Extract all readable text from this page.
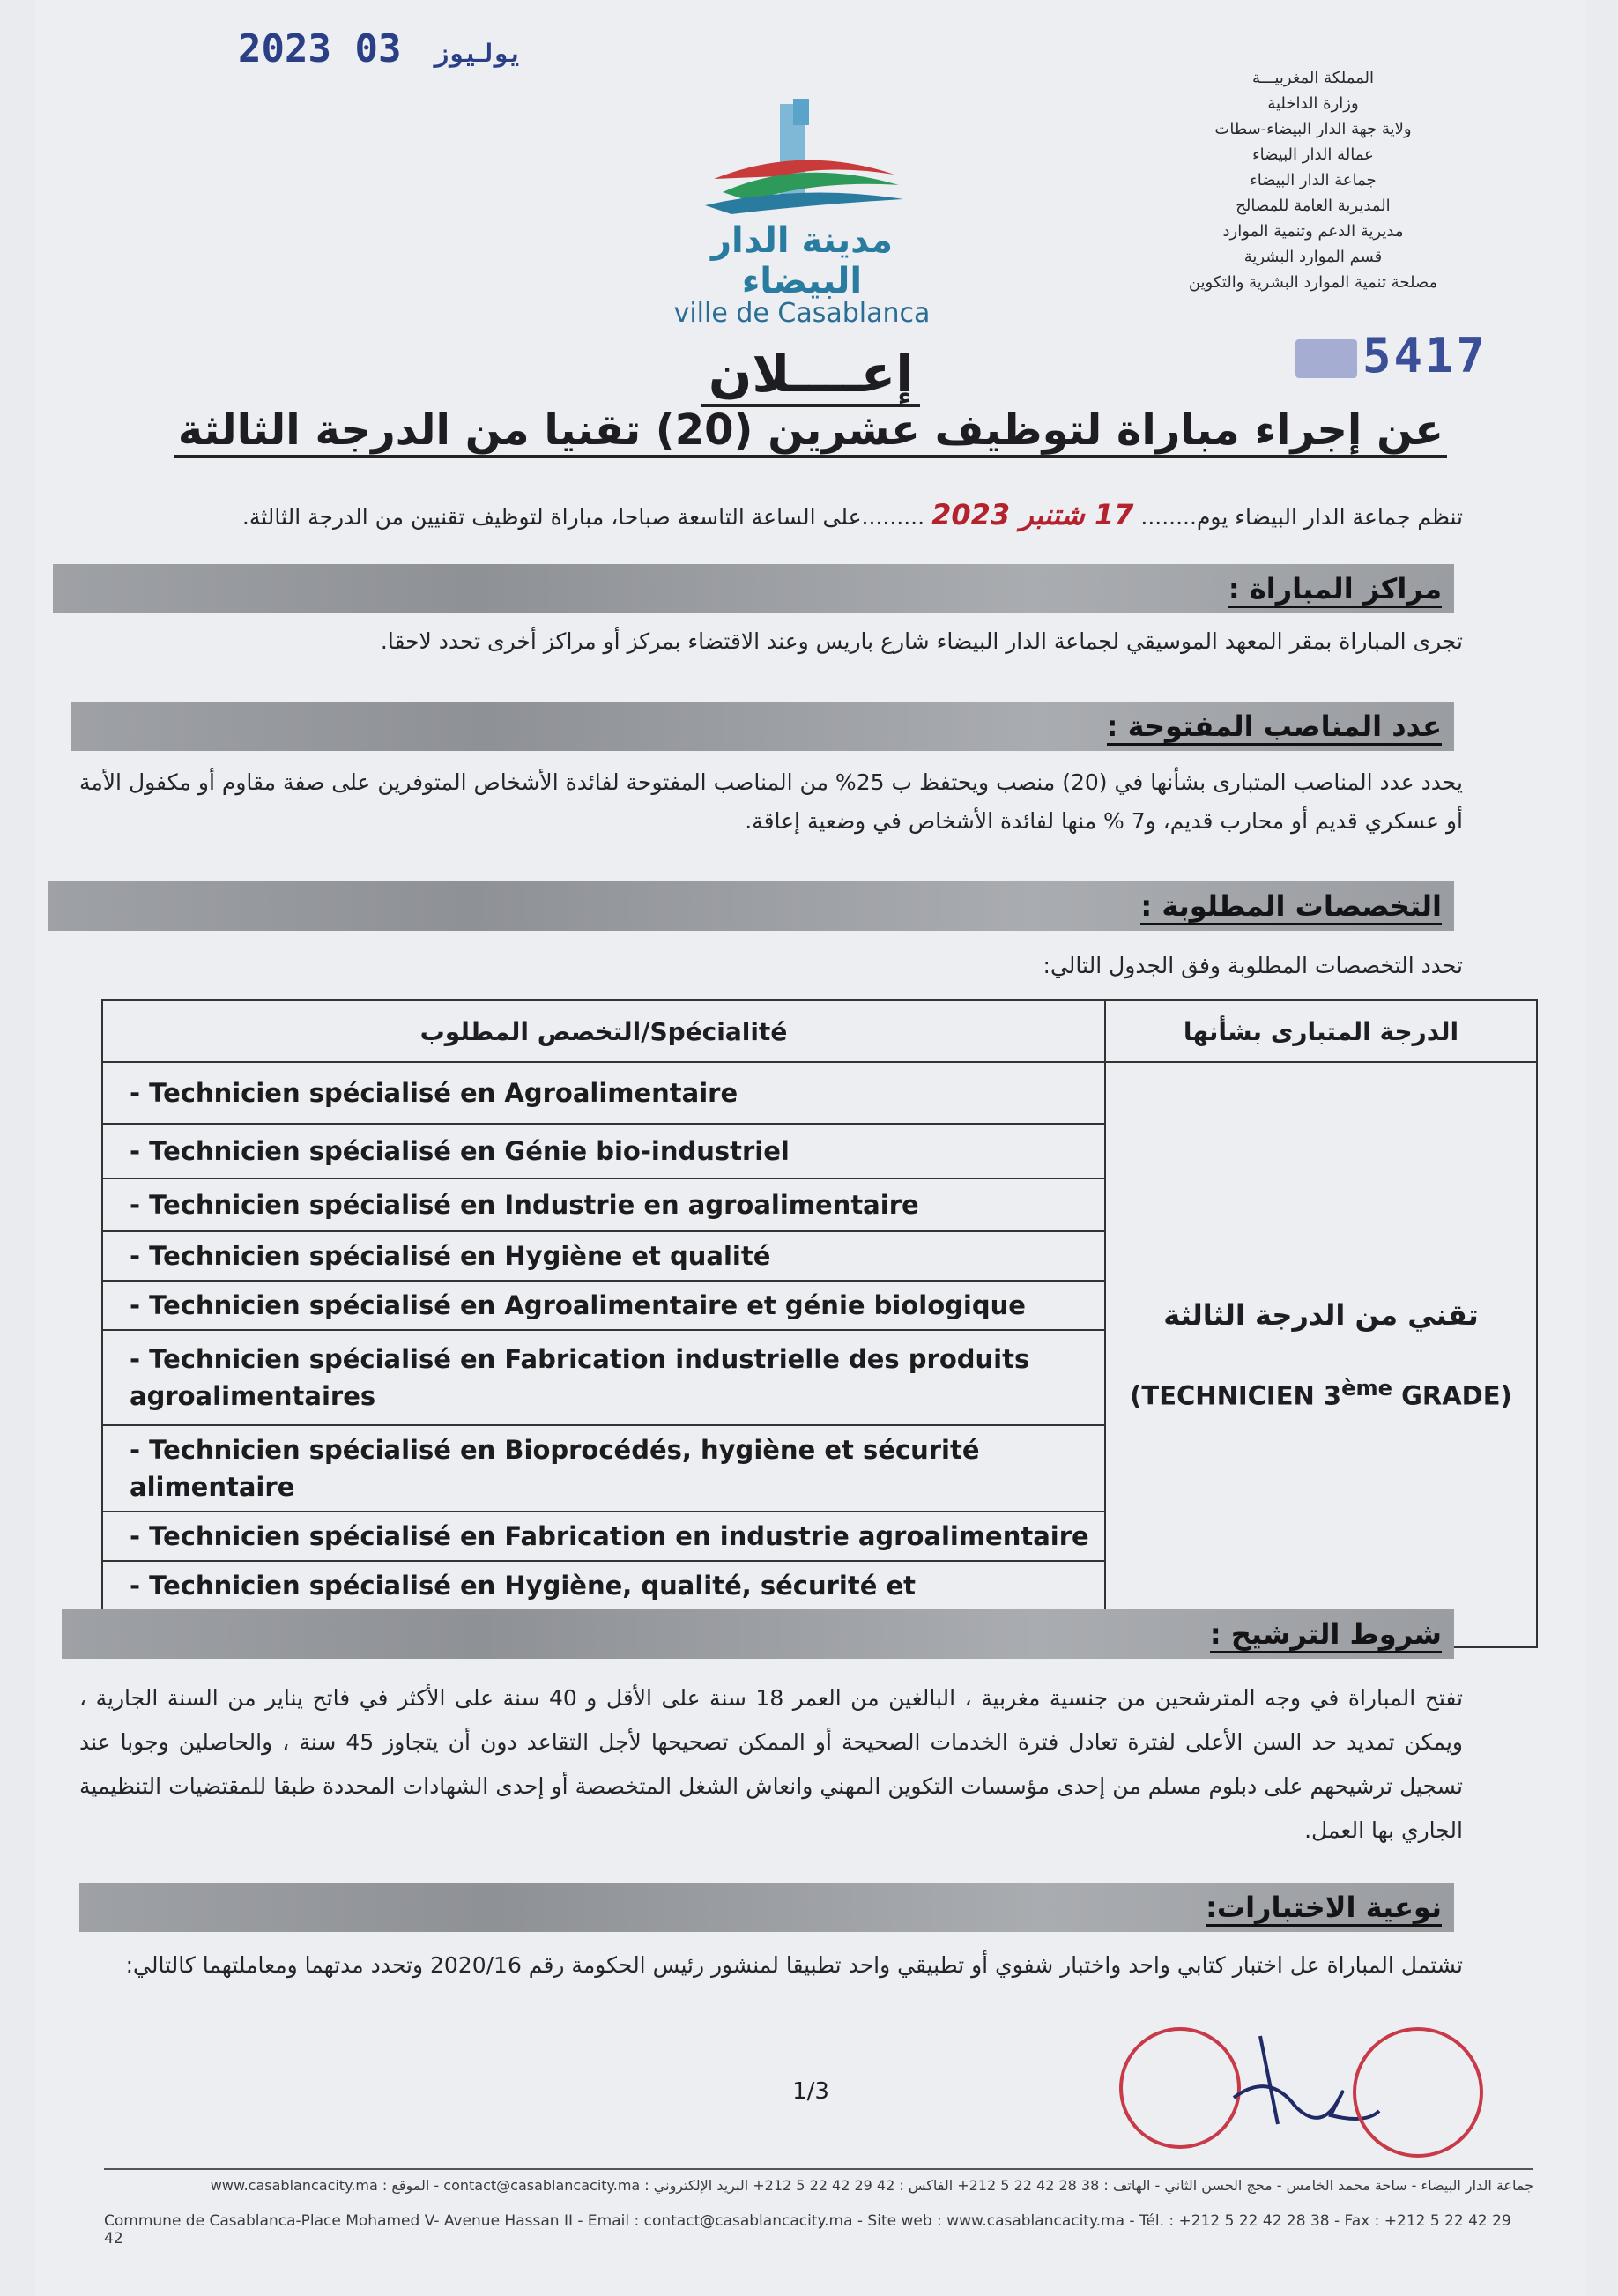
2023	يوليوز 03
مدينة الدار البيضاء
ville de Casablanca
المملكة المغربيـــة
وزارة الداخلية
ولاية جهة الدار البيضاء-سطات
عمالة الدار البيضاء
جماعة الدار البيضاء
المديرية العامة للمصالح
مديرية الدعم وتنمية الموارد
قسم الموارد البشرية
مصلحة تنمية الموارد البشرية والتكوين
5417
إعــــلان
عن إجراء مباراة لتوظيف عشرين (20) تقنيا من الدرجة الثالثة
تنظم جماعة الدار البيضاء يوم........17 شتنبر 2023.........على الساعة التاسعة صباحا، مباراة لتوظيف تقنيين من الدرجة الثالثة.
مراكز المباراة :
تجرى المباراة بمقر المعهد الموسيقي لجماعة الدار البيضاء شارع باريس وعند الاقتضاء بمركز أو مراكز أخرى تحدد لاحقا.
عدد المناصب المفتوحة :
يحدد عدد المناصب المتبارى بشأنها في (20) منصب ويحتفظ ب 25% من المناصب المفتوحة لفائدة الأشخاص المتوفرين على صفة مقاوم أو مكفول الأمة أو عسكري قديم أو محارب قديم، و7 % منها لفائدة الأشخاص في وضعية إعاقة.
التخصصات المطلوبة :
تحدد التخصصات المطلوبة وفق الجدول التالي:
التخصص المطلوب/Spécialité	الدرجة المتبارى بشأنها
- Technicien spécialisé en Agroalimentaire	تقني من الدرجة الثالثة
(TECHNICIEN 3ème GRADE)

- Technicien spécialisé en Génie bio-industriel	
- Technicien spécialisé en Industrie en agroalimentaire	
- Technicien spécialisé en Hygiène et qualité	
- Technicien spécialisé en Agroalimentaire et génie biologique	
- Technicien spécialisé en Fabrication industrielle des produits agroalimentaires	
- Technicien spécialisé en Bioprocédés, hygiène et sécurité alimentaire	
- Technicien spécialisé en Fabrication en industrie agroalimentaire	
- Technicien spécialisé en Hygiène, qualité, sécurité et	
شروط الترشيح :
تفتح المباراة في وجه المترشحين من جنسية مغربية ، البالغين من العمر 18 سنة على الأقل و 40 سنة على الأكثر في فاتح يناير من السنة الجارية ، ويمكن تمديد حد السن الأعلى لفترة تعادل فترة الخدمات الصحيحة أو الممكن تصحيحها لأجل التقاعد دون أن يتجاوز 45 سنة ، والحاصلين وجوبا عند تسجيل ترشيحهم على دبلوم مسلم من إحدى مؤسسات التكوين المهني وانعاش الشغل المتخصصة أو إحدى الشهادات المحددة طبقا للمقتضيات التنظيمية الجاري بها العمل.
نوعية الاختبارات:
تشتمل المباراة عل اختبار كتابي واحد واختبار شفوي أو تطبيقي واحد تطبيقا لمنشور رئيس الحكومة رقم 2020/16 وتحدد مدتهما ومعاملتهما كالتالي:
1/3
جماعة الدار البيضاء - ساحة محمد الخامس - محج الحسن الثاني - الهاتف : 38 28 42 22 5 212+ الفاكس : 42 29 42 22 5 212+ البريد الإلكتروني : contact@casablancacity.ma - الموقع : www.casablancacity.ma
Commune de Casablanca-Place Mohamed V- Avenue Hassan II - Email : contact@casablancacity.ma - Site web : www.casablancacity.ma - Tél. : +212 5 22 42 28 38 - Fax : +212 5 22 42 29 42
